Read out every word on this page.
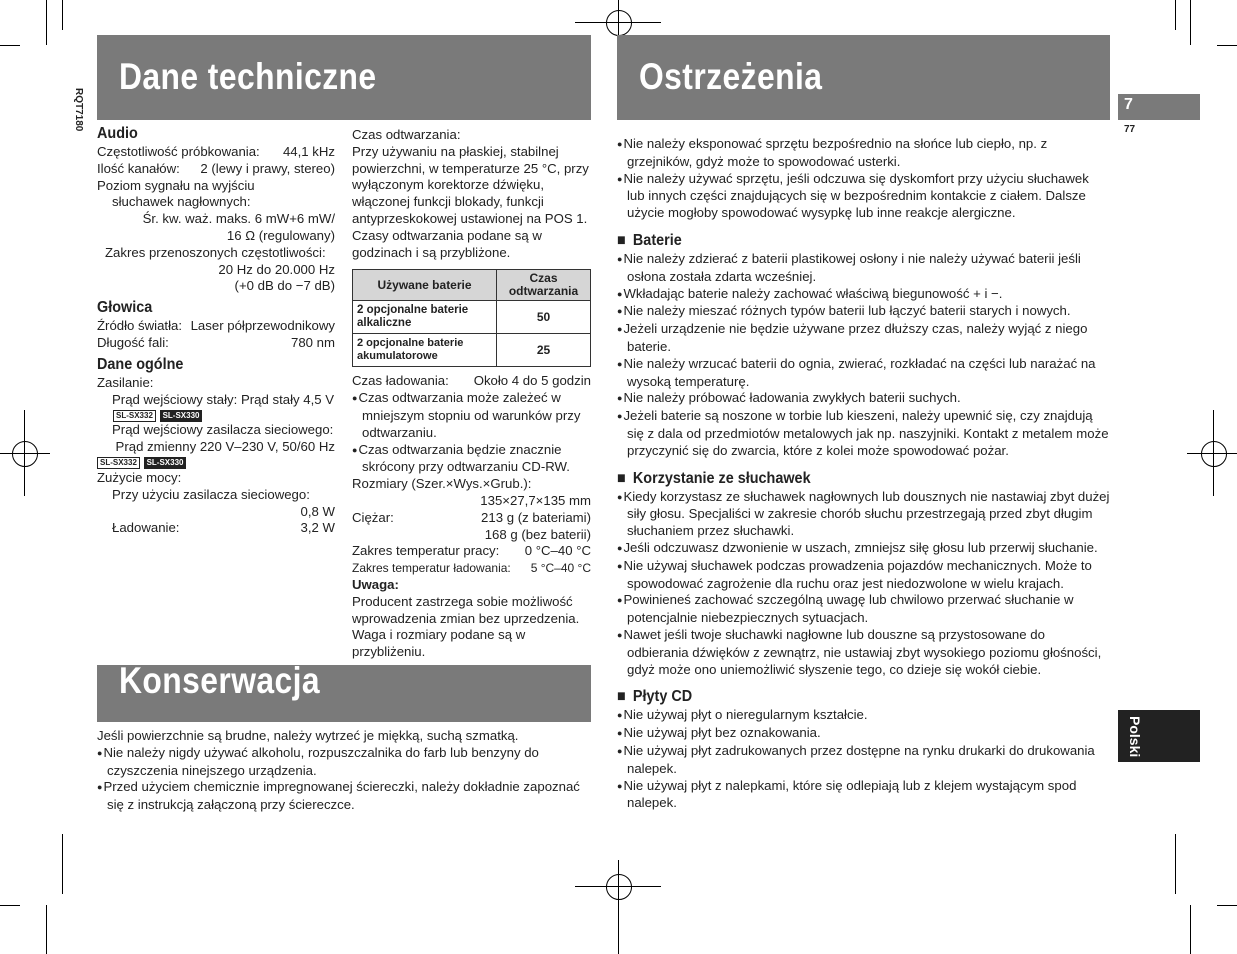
RQT7180
Dane techniczne	Ostrzeżenia
Konserwacja
7
77
Polski
Audio
Częstotliwość próbkowania: 44,1 kHz
Ilość kanałów: 2 (lewy i prawy, stereo)
Poziom sygnału na wyjściu
słuchawek nagłownych:
Śr. kw. waż. maks. 6 mW+6 mW/
16 Ω (regulowany)
Zakres przenoszonych częstotliwości:
20 Hz do 20.000 Hz
(+0 dB do −7 dB)
Głowica
Źródło światła: Laser półprzewodnikowy
Długość fali:	780 nm
Dane ogólne
Zasilanie:
Prąd wejściowy stały: Prąd stały 4,5 V
SL-SX332 SL-SX330
Prąd wejściowy zasilacza sieciowego:
Prąd zmienny 220 V–230 V, 50/60 Hz
SL-SX332 SL-SX330
Zużycie mocy:
Przy użyciu zasilacza sieciowego:
0,8 W
Ładowanie:	3,2 W
Czas odtwarzania:
Przy używaniu na płaskiej, stabilnej powierzchni, w temperaturze 25 °C, przy wyłączonym korektorze dźwięku, włączonej funkcji blokady, funkcji antyprzeskokowej ustawionej na POS 1. Czasy odtwarzania podane są w godzinach i są przybliżone.
Używane baterie	Czas odtwarzania
2 opcjonalne baterie alkaliczne	50
2 opcjonalne baterie akumulatorowe	25
Czas ładowania: Około 4 do 5 godzin
● Czas odtwarzania może zależeć w mniejszym stopniu od warunków przy odtwarzaniu.
● Czas odtwarzania będzie znacznie skrócony przy odtwarzaniu CD-RW.
Rozmiary (Szer.×Wys.×Grub.):
135×27,7×135 mm
Ciężar:	213 g (z bateriami)
168 g (bez baterii)
Zakres temperatur pracy: 0 °C–40 °C
Zakres temperatur ładowania: 5 °C–40 °C
Uwaga:
Producent zastrzega sobie możliwość wprowadzenia zmian bez uprzedzenia. Waga i rozmiary podane są w przybliżeniu.
Jeśli powierzchnie są brudne, należy wytrzeć je miękką, suchą szmatką.
● Nie należy nigdy używać alkoholu, rozpuszczalnika do farb lub benzyny do czyszczenia ninejszego urządzenia.
● Przed użyciem chemicznie impregnowanej ściereczki, należy dokładnie zapoznać się z instrukcją załączoną przy ściereczce.
● Nie należy eksponować sprzętu bezpośrednio na słońce lub ciepło, np. z grzejników, gdyż może to spowodować usterki.
● Nie należy używać sprzętu, jeśli odczuwa się dyskomfort przy użyciu słuchawek lub innych części znajdujących się w bezpośrednim kontakcie z ciałem. Dalsze użycie mogłoby spowodować wysypkę lub inne reakcje alergiczne.
■ Baterie
● Nie należy zdzierać z baterii plastikowej osłony i nie należy używać baterii jeśli osłona została zdarta wcześniej.
● Wkładając baterie należy zachować właściwą biegunowość + i −.
● Nie należy mieszać różnych typów baterii lub łączyć baterii starych i nowych.
● Jeżeli urządzenie nie będzie używane przez dłuższy czas, należy wyjąć z niego baterie.
● Nie należy wrzucać baterii do ognia, zwierać, rozkładać na części lub narażać na wysoką temperaturę.
● Nie należy próbować ładowania zwykłych baterii suchych.
● Jeżeli baterie są noszone w torbie lub kieszeni, należy upewnić się, czy znajdują się z dala od przedmiotów metalowych jak np. naszyjniki. Kontakt z metalem może przyczynić się do zwarcia, które z kolei może spowodować pożar.
■ Korzystanie ze słuchawek
● Kiedy korzystasz ze słuchawek nagłownych lub dousznych nie nastawiaj zbyt dużej siły głosu. Specjaliści w zakresie chorób słuchu przestrzegają przed zbyt długim słuchaniem przez słuchawki.
● Jeśli odczuwasz dzwonienie w uszach, zmniejsz siłę głosu lub przerwij słuchanie.
● Nie używaj słuchawek podczas prowadzenia pojazdów mechanicznych. Może to spowodować zagrożenie dla ruchu oraz jest niedozwolone w wielu krajach.
● Powinieneś zachować szczególną uwagę lub chwilowo przerwać słuchanie w potencjalnie niebezpiecznych sytuacjach.
● Nawet jeśli twoje słuchawki nagłowne lub douszne są przystosowane do odbierania dźwięków z zewnątrz, nie ustawiaj zbyt wysokiego poziomu głośności, gdyż może ono uniemożliwić słyszenie tego, co dzieje się wokół ciebie.
■ Płyty CD
● Nie używaj płyt o nieregularnym kształcie.
● Nie używaj płyt bez oznakowania.
● Nie używaj płyt zadrukowanych przez dostępne na rynku drukarki do drukowania nalepek.
● Nie używaj płyt z nalepkami, które się odlepiają lub z klejem wystającym spod nalepek.
